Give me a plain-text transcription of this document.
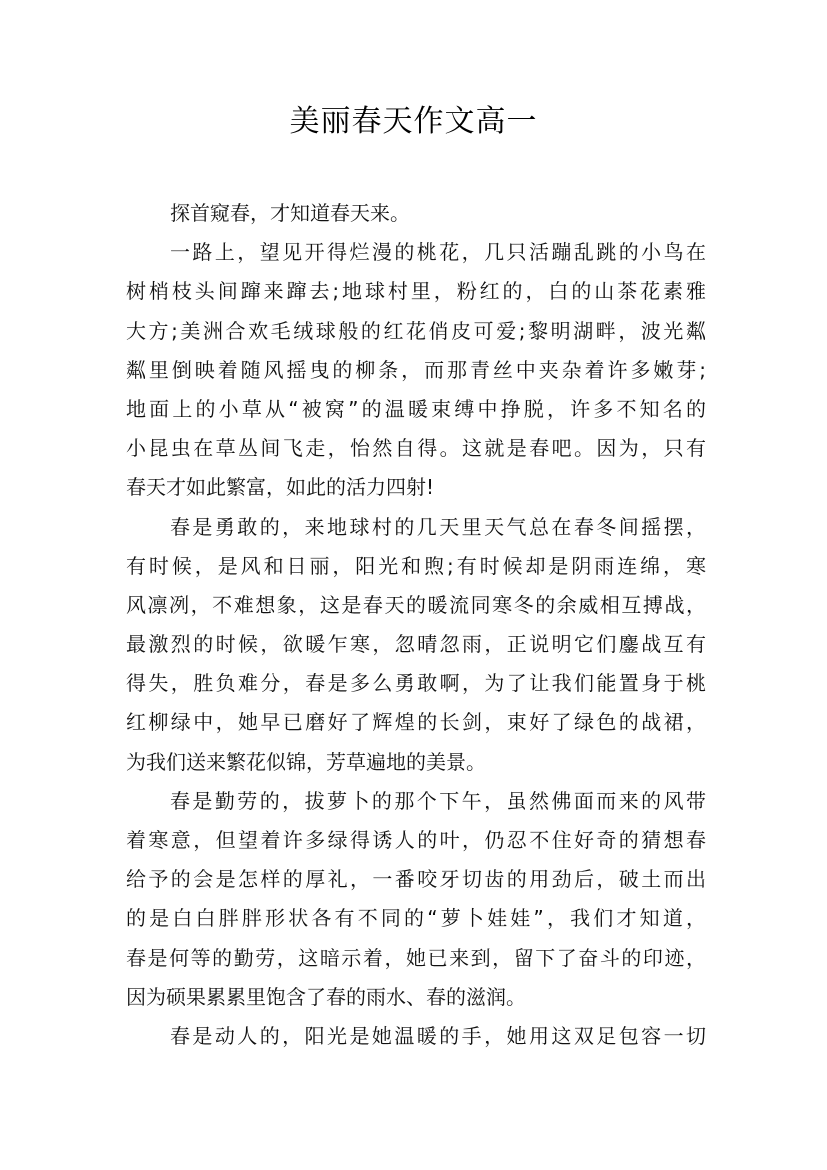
美丽春天作文高一
探首窥春，才知道春天来。
一路上，望见开得烂漫的桃花，几只活蹦乱跳的小鸟在
树梢枝头间蹿来蹿去;地球村里，粉红的，白的山茶花素雅
大方;美洲合欢毛绒球般的红花俏皮可爱;黎明湖畔，波光粼
粼里倒映着随风摇曳的柳条，而那青丝中夹杂着许多嫩芽;
地面上的小草从“被窝”的温暖束缚中挣脱，许多不知名的
小昆虫在草丛间飞走，怡然自得。这就是春吧。因为，只有
春天才如此繁富，如此的活力四射!
春是勇敢的，来地球村的几天里天气总在春冬间摇摆，
有时候，是风和日丽，阳光和煦;有时候却是阴雨连绵，寒
风凛冽，不难想象，这是春天的暖流同寒冬的余威相互搏战，
最激烈的时候，欲暖乍寒，忽晴忽雨，正说明它们鏖战互有
得失，胜负难分，春是多么勇敢啊，为了让我们能置身于桃
红柳绿中，她早已磨好了辉煌的长剑，束好了绿色的战裙，
为我们送来繁花似锦，芳草遍地的美景。
春是勤劳的，拔萝卜的那个下午，虽然佛面而来的风带
着寒意，但望着许多绿得诱人的叶，仍忍不住好奇的猜想春
给予的会是怎样的厚礼，一番咬牙切齿的用劲后，破土而出
的是白白胖胖形状各有不同的“萝卜娃娃”，我们才知道，
春是何等的勤劳，这暗示着，她已来到，留下了奋斗的印迹，
因为硕果累累里饱含了春的雨水、春的滋润。
春是动人的，阳光是她温暖的手，她用这双足包容一切
